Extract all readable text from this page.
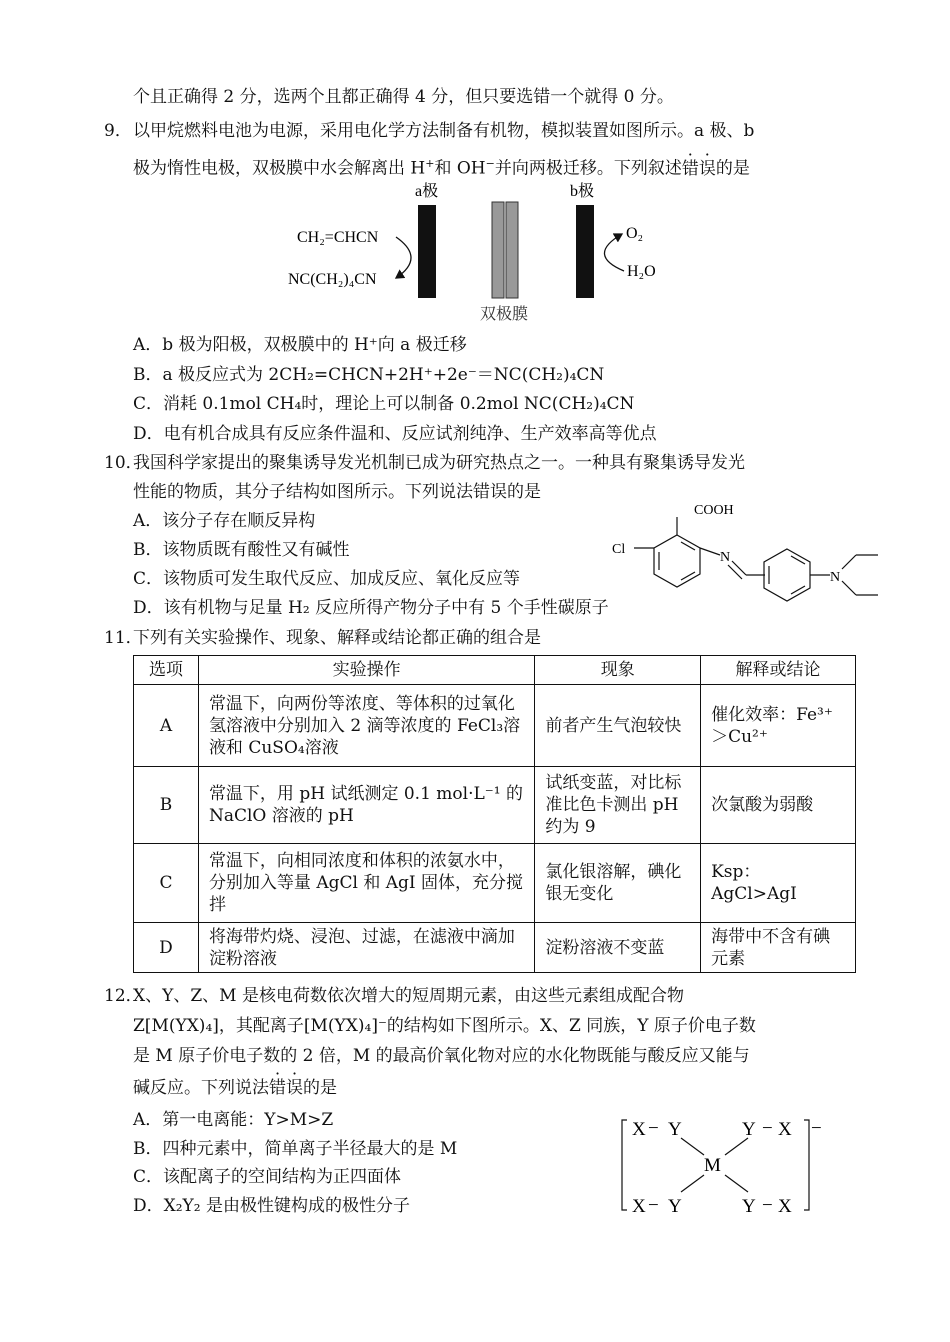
个且正确得 2 分，选两个且都正确得 4 分，但只要选错一个就得 0 分。
9． 以甲烷燃料电池为电源，采用电化学方法制备有机物，模拟装置如图所示。a 极、b
极为惰性电极，双极膜中水会解离出 H+和 OH−并向两极迁移。下列叙述错误的是
a极	b极
CH₂=CHCN
NC(CH₂)₄CN
O₂
H₂O
双极膜
A．b 极为阳极，双极膜中的 H⁺向 a 极迁移
B．a 极反应式为 2CH₂=CHCN+2H⁺+2e⁻＝NC(CH₂)₄CN
C．消耗 0.1mol CH₄时，理论上可以制备 0.2mol NC(CH₂)₄CN
D．电有机合成具有反应条件温和、反应试剂纯净、生产效率高等优点
10．
我国科学家提出的聚集诱导发光机制已成为研究热点之一。一种具有聚集诱导发光
性能的物质，其分子结构如图所示。下列说法错误的是
A．该分子存在顺反异构
B．该物质既有酸性又有碱性
C．该物质可发生取代反应、加成反应、氧化反应等
D．该有机物与足量 H₂ 反应所得产物分子中有 5 个手性碳原子
COOH
Cl
N
N
11．
下列有关实验操作、现象、解释或结论都正确的组合是
选项	实验操作	现象	解释或结论
A	常温下，向两份等浓度、等体积的过氧化氢溶液中分别加入 2 滴等浓度的 FeCl₃溶液和 CuSO₄溶液	前者产生气泡较快	催化效率：Fe³⁺＞Cu²⁺
B	常温下，用 pH 试纸测定 0.1 mol·L⁻¹ 的 NaClO 溶液的 pH	试纸变蓝，对比标准比色卡测出 pH 约为 9	次氯酸为弱酸
C	常温下，向相同浓度和体积的浓氨水中，分别加入等量 AgCl 和 AgI 固体，充分搅拌	氯化银溶解，碘化银无变化	Ksp：AgCl>AgI
D	将海带灼烧、浸泡、过滤，在滤液中滴加淀粉溶液	淀粉溶液不变蓝	海带中不含有碘元素
12．
X、Y、Z、M 是核电荷数依次增大的短周期元素，由这些元素组成配合物
Z[M(YX)₄]，其配离子[M(YX)₄]⁻的结构如下图所示。X、Z 同族，Y 原子价电子数
是 M 原子价电子数的 2 倍，M 的最高价氧化物对应的水化物既能与酸反应又能与
碱反应。下列说法错误的是
A．第一电离能：Y>M>Z
B．四种元素中，简单离子半径最大的是 M
C．该配离子的空间结构为正四面体
D．X₂Y₂ 是由极性键构成的极性分子
X − Y	Y − X
M
X − Y	Y − X
−
